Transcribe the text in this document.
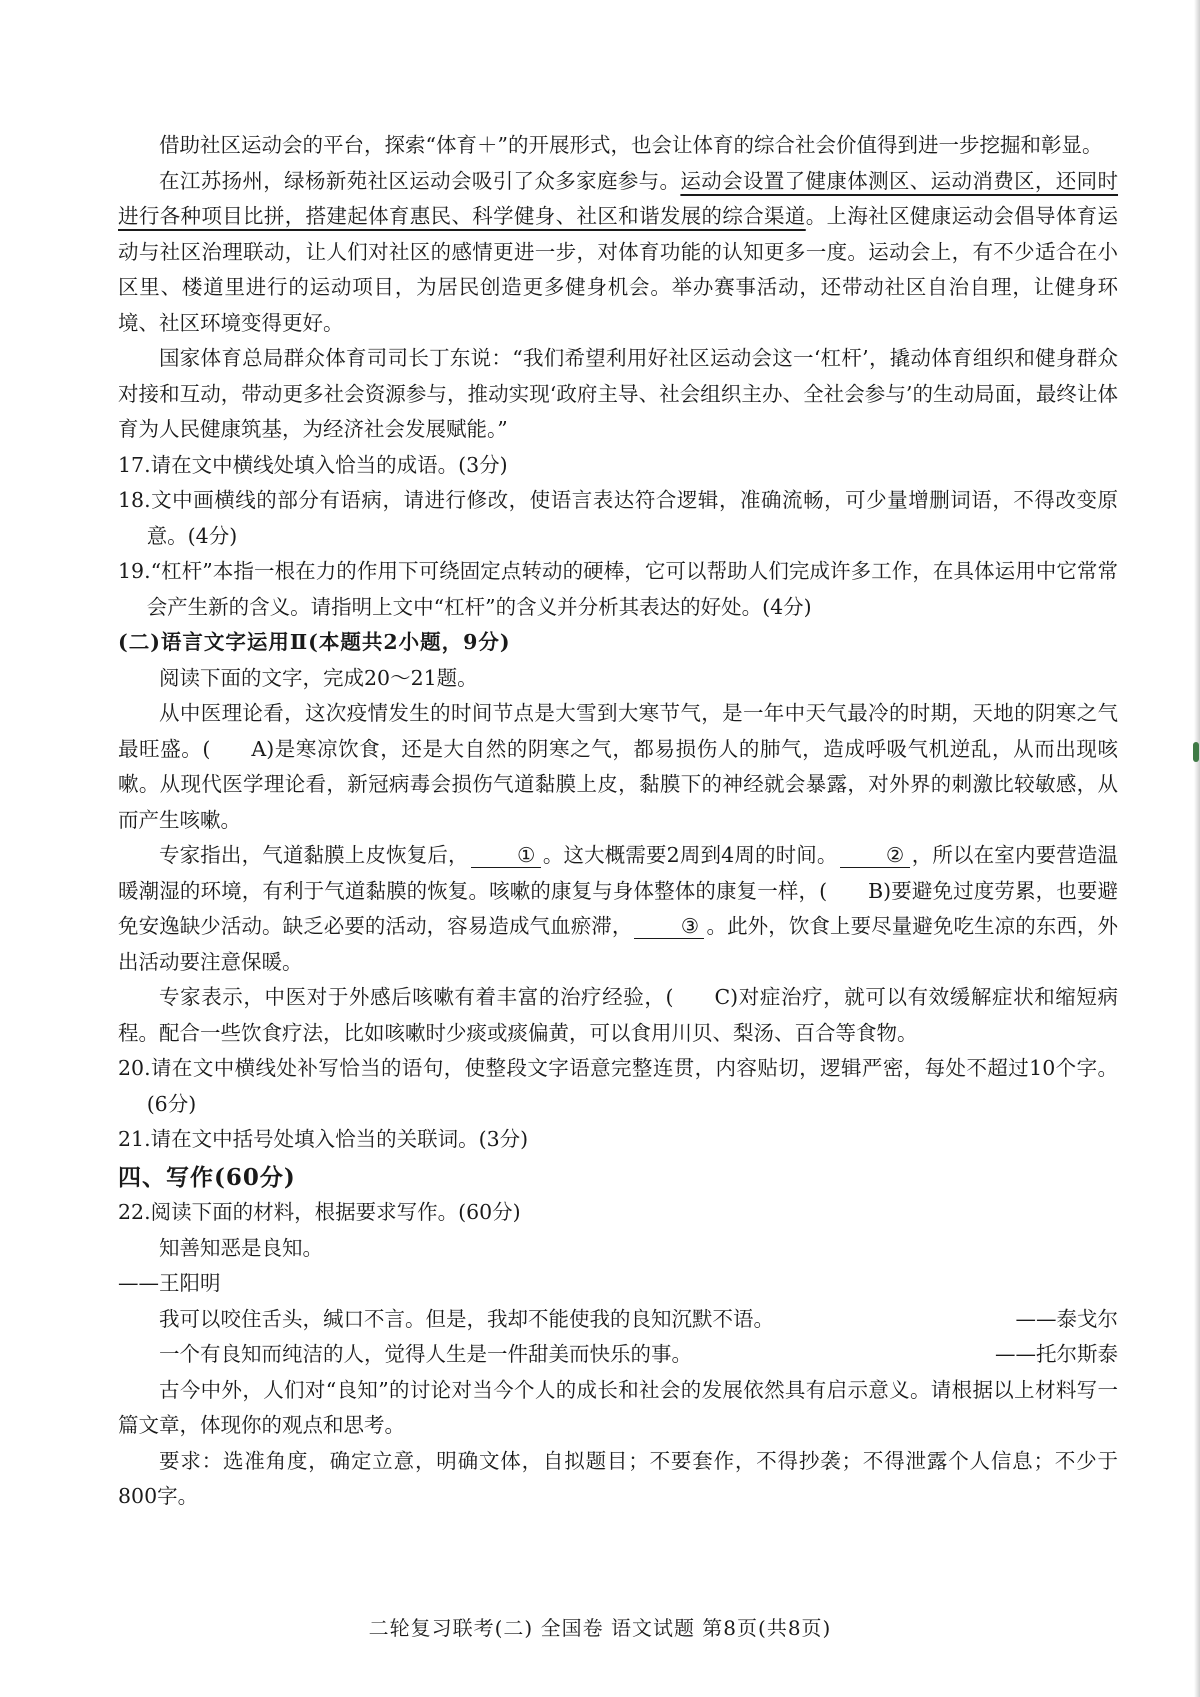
借助社区运动会的平台，探索“体育＋”的开展形式，也会让体育的综合社会价值得到进一步挖掘和彰显。

在江苏扬州，绿杨新苑社区运动会吸引了众多家庭参与。运动会设置了健康体测区、运动消费区，还同时进行各种项目比拼，搭建起体育惠民、科学健身、社区和谐发展的综合渠道。上海社区健康运动会倡导体育运动与社区治理联动，让人们对社区的感情更进一步，对体育功能的认知更多一度。运动会上，有不少适合在小区里、楼道里进行的运动项目，为居民创造更多健身机会。举办赛事活动，还带动社区自治自理，让健身环境、社区环境变得更好。

国家体育总局群众体育司司长丁东说：“我们希望利用好社区运动会这一‘杠杆’，撬动体育组织和健身群众对接和互动，带动更多社会资源参与，推动实现‘政府主导、社会组织主办、全社会参与’的生动局面，最终让体育为人民健康筑基，为经济社会发展赋能。”

17.请在文中横线处填入恰当的成语。(3分)

18.文中画横线的部分有语病，请进行修改，使语言表达符合逻辑，准确流畅，可少量增删词语，不得改变原意。(4分)

19.“杠杆”本指一根在力的作用下可绕固定点转动的硬棒，它可以帮助人们完成许多工作，在具体运用中它常常会产生新的含义。请指明上文中“杠杆”的含义并分析其表达的好处。(4分)

(二)语言文字运用Ⅱ(本题共2小题，9分)

阅读下面的文字，完成20～21题。

从中医理论看，这次疫情发生的时间节点是大雪到大寒节气，是一年中天气最冷的时期，天地的阴寒之气最旺盛。( A)是寒凉饮食，还是大自然的阴寒之气，都易损伤人的肺气，造成呼吸气机逆乱，从而出现咳嗽。从现代医学理论看，新冠病毒会损伤气道黏膜上皮，黏膜下的神经就会暴露，对外界的刺激比较敏感，从而产生咳嗽。

专家指出，气道黏膜上皮恢复后， ① 。这大概需要2周到4周的时间。 ② ，所以在室内要营造温暖潮湿的环境，有利于气道黏膜的恢复。咳嗽的康复与身体整体的康复一样，( B)要避免过度劳累，也要避免安逸缺少活动。缺乏必要的活动，容易造成气血瘀滞， ③ 。此外，饮食上要尽量避免吃生凉的东西，外出活动要注意保暖。

专家表示，中医对于外感后咳嗽有着丰富的治疗经验，( C)对症治疗，就可以有效缓解症状和缩短病程。配合一些饮食疗法，比如咳嗽时少痰或痰偏黄，可以食用川贝、梨汤、百合等食物。

20.请在文中横线处补写恰当的语句，使整段文字语意完整连贯，内容贴切，逻辑严密，每处不超过10个字。(6分)

21.请在文中括号处填入恰当的关联词。(3分)

四、写作(60分)

22.阅读下面的材料，根据要求写作。(60分)

知善知恶是良知。

——王阳明

我可以咬住舌头，缄口不言。但是，我却不能使我的良知沉默不语。	——泰戈尔
一个有良知而纯洁的人，觉得人生是一件甜美而快乐的事。	——托尔斯泰

古今中外，人们对“良知”的讨论对当今个人的成长和社会的发展依然具有启示意义。请根据以上材料写一篇文章，体现你的观点和思考。

要求：选准角度，确定立意，明确文体，自拟题目；不要套作，不得抄袭；不得泄露个人信息；不少于800字。

二轮复习联考(二) 全国卷 语文试题 第8页(共8页)
